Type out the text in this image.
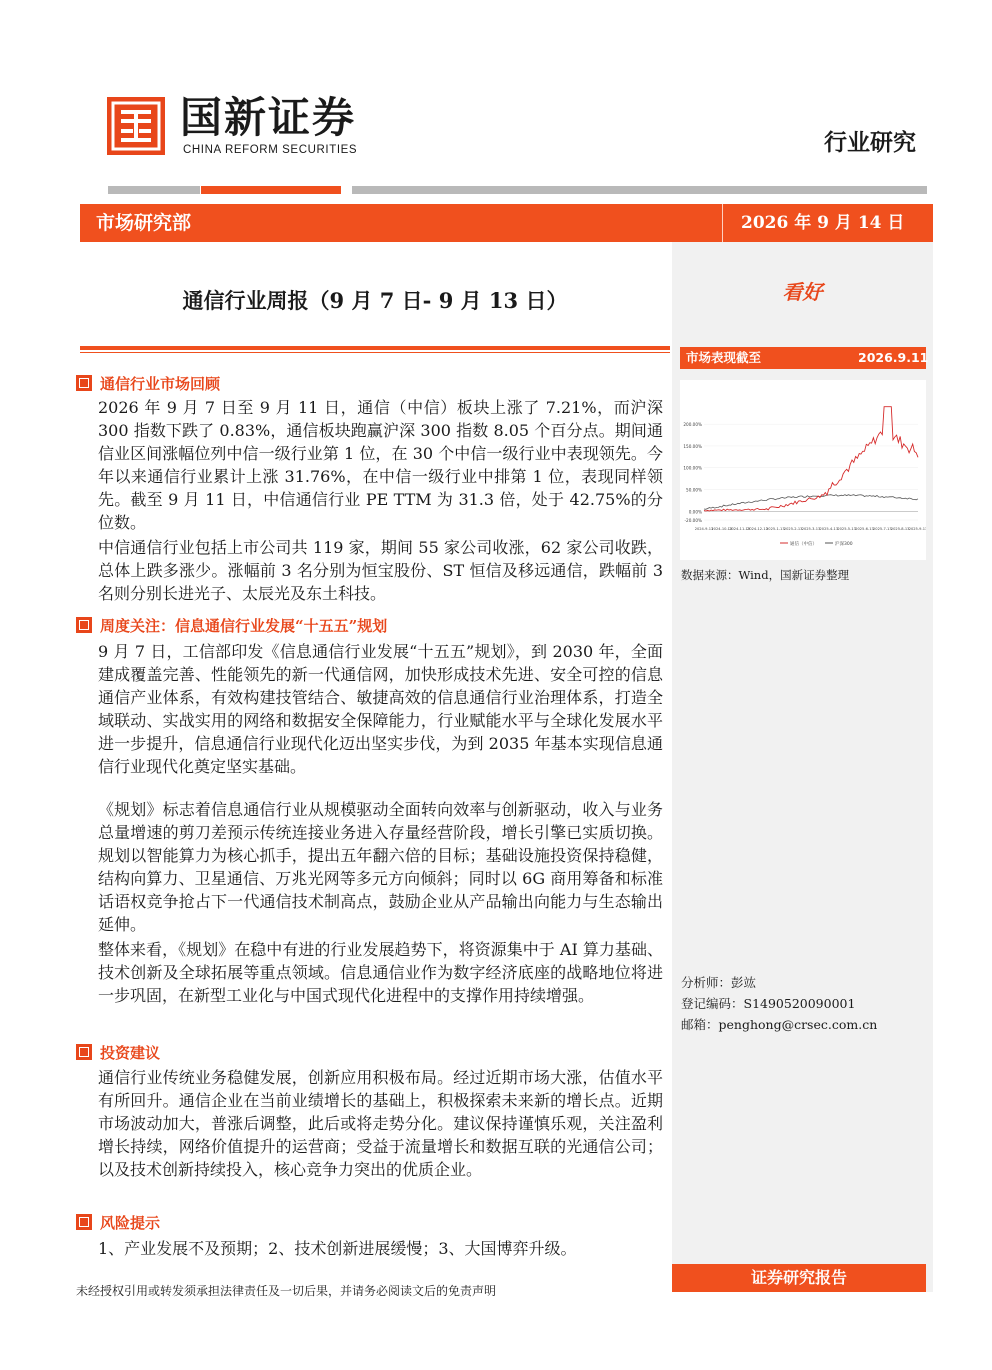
国新证券
CHINA REFORM SECURITIES	行业研究
市场研究部	2026 年 9 月 14 日
通信行业周报（9 月 7 日- 9 月 13 日）	看好
市场表现截至	2026.9.11
200.00%
150.00%
100.00%
50.00%
0.00%
-20.00%
2024-9-13
2024-10-13
2024-11-13
2024-12-13
2025-1-13 2025-2-13 2025-3-13 2025-4-13 2025-5-13 2025-6-13 2025-7-13 2025-8-13 2025-9-13
通信（中信）	沪深300
数据来源：Wind，国新证券整理
通信行业市场回顾
2026 年 9 月 7 日至 9 月 11 日，通信（中信）板块上涨了 7.21%，而沪深 300 指数下跌了 0.83%，通信板块跑赢沪深 300 指数 8.05 个百分点。期间通信业区间涨幅位列中信一级行业第 1 位，在 30 个中信一级行业中表现领先。今年以来通信行业累计上涨 31.76%，在中信一级行业中排第 1 位，表现同样领先。截至 9 月 11 日，中信通信行业 PE TTM 为 31.3 倍，处于 42.75%的分位数。
中信通信行业包括上市公司共 119 家，期间 55 家公司收涨，62 家公司收跌，总体上跌多涨少。涨幅前 3 名分别为恒宝股份、ST 恒信及移远通信，跌幅前 3 名则分别长进光子、太辰光及东土科技。
周度关注：信息通信行业发展“十五五”规划
9 月 7 日，工信部印发《信息通信行业发展“十五五”规划》，到 2030 年，全面建成覆盖完善、性能领先的新一代通信网，加快形成技术先进、安全可控的信息通信产业体系，有效构建技管结合、敏捷高效的信息通信行业治理体系，打造全域联动、实战实用的网络和数据安全保障能力，行业赋能水平与全球化发展水平进一步提升，信息通信行业现代化迈出坚实步伐，为到 2035 年基本实现信息通信行业现代化奠定坚实基础。
《规划》标志着信息通信行业从规模驱动全面转向效率与创新驱动，收入与业务总量增速的剪刀差预示传统连接业务进入存量经营阶段，增长引擎已实质切换。规划以智能算力为核心抓手，提出五年翻六倍的目标；基础设施投资保持稳健，结构向算力、卫星通信、万兆光网等多元方向倾斜；同时以 6G 商用筹备和标准话语权竞争抢占下一代通信技术制高点，鼓励企业从产品输出向能力与生态输出延伸。
整体来看，《规划》在稳中有进的行业发展趋势下，将资源集中于 AI 算力基础、技术创新及全球拓展等重点领域。信息通信业作为数字经济底座的战略地位将进一步巩固，在新型工业化与中国式现代化进程中的支撑作用持续增强。
投资建议
通信行业传统业务稳健发展，创新应用积极布局。经过近期市场大涨，估值水平有所回升。通信企业在当前业绩增长的基础上，积极探索未来新的增长点。近期市场波动加大，普涨后调整，此后或将走势分化。建议保持谨慎乐观，关注盈利增长持续，网络价值提升的运营商；受益于流量增长和数据互联的光通信公司；以及技术创新持续投入，核心竞争力突出的优质企业。
风险提示
1、产业发展不及预期；2、技术创新进展缓慢；3、大国博弈升级。
分析师：彭竑
登记编码：S1490520090001
邮箱：penghong@crsec.com.cn
证券研究报告
未经授权引用或转发须承担法律责任及一切后果，并请务必阅读文后的免责声明
